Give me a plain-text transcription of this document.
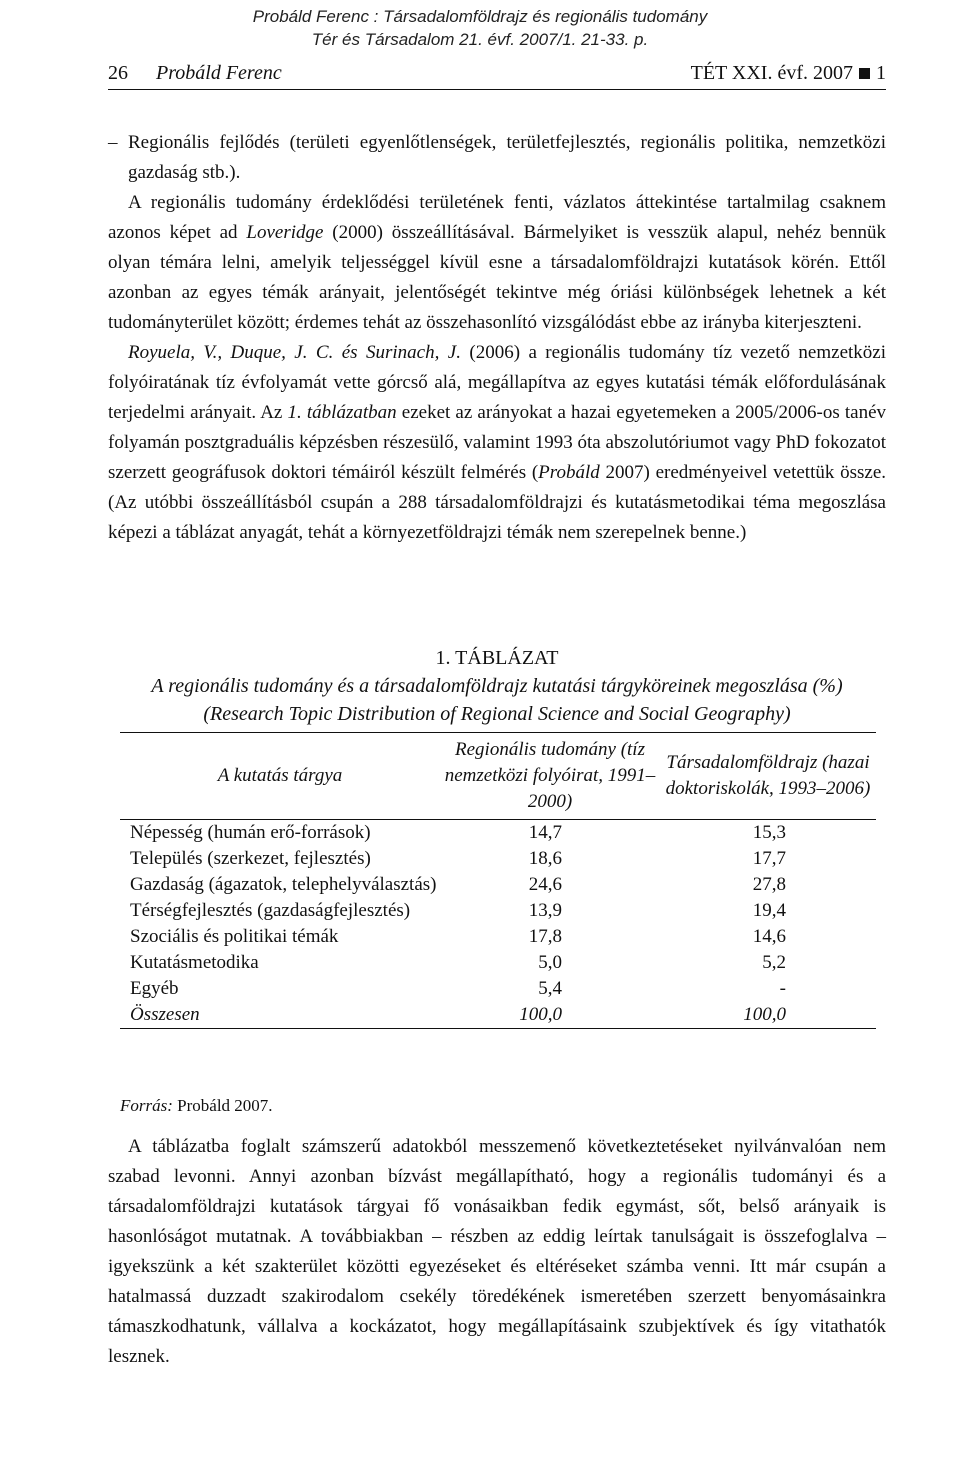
Probáld Ferenc : Társadalomföldrajz és regionális tudomány
Tér és Társadalom 21. évf. 2007/1. 21-33. p.
26 Probáld Ferenc	TÉT XXI. évf. 2007 1
– Regionális fejlődés (területi egyenlőtlenségek, területfejlesztés, regionális politika, nemzetközi gazdaság stb.).

A regionális tudomány érdeklődési területének fenti, vázlatos áttekintése tartalmilag csaknem azonos képet ad Loveridge (2000) összeállításával. Bármelyiket is vesszük alapul, nehéz bennük olyan témára lelni, amelyik teljességgel kívül esne a társadalomföldrajzi kutatások körén. Ettől azonban az egyes témák arányait, jelentőségét tekintve még óriási különbségek lehetnek a két tudományterület között; érdemes tehát az összehasonlító vizsgálódást ebbe az irányba kiterjeszteni.

Royuela, V., Duque, J. C. és Surinach, J. (2006) a regionális tudomány tíz vezető nemzetközi folyóiratának tíz évfolyamát vette górcső alá, megállapítva az egyes kutatási témák előfordulásának terjedelmi arányait. Az 1. táblázatban ezeket az arányokat a hazai egyetemeken a 2005/2006-os tanév folyamán posztgraduális képzésben részesülő, valamint 1993 óta abszolutóriumot vagy PhD fokozatot szerzett geográfusok doktori témáiról készült felmérés (Probáld 2007) eredményeivel vetettük össze. (Az utóbbi összeállításból csupán a 288 társadalomföldrajzi és kutatásmetodikai téma megoszlása képezi a táblázat anyagát, tehát a környezetföldrajzi témák nem szerepelnek benne.)

1. TÁBLÁZAT
A regionális tudomány és a társadalomföldrajz kutatási tárgyköreinek megoszlása (%)
(Research Topic Distribution of Regional Science and Social Geography)
A kutatás tárgya	Regionális tudomány (tíz nemzetközi folyóirat, 1991–2000)	Társadalomföldrajz (hazai doktoriskolák, 1993–2006)
Népesség (humán erő-források)	14,7	15,3
Település (szerkezet, fejlesztés)	18,6	17,7
Gazdaság (ágazatok, telephelyválasztás)	24,6	27,8
Térségfejlesztés (gazdaságfejlesztés)	13,9	19,4
Szociális és politikai témák	17,8	14,6
Kutatásmetodika	5,0	5,2
Egyéb	5,4	-
Összesen	100,0	100,0
Forrás: Probáld 2007.

A táblázatba foglalt számszerű adatokból messzemenő következtetéseket nyilvánvalóan nem szabad levonni. Annyi azonban bízvást megállapítható, hogy a regionális tudományi és a társadalomföldrajzi kutatások tárgyai fő vonásaikban fedik egymást, sőt, belső arányaik is hasonlóságot mutatnak. A továbbiakban – részben az eddig leírtak tanulságait is összefoglalva – igyekszünk a két szakterület közötti egyezéseket és eltéréseket számba venni. Itt már csupán a hatalmassá duzzadt szakirodalom csekély töredékének ismeretében szerzett benyomásainkra támaszkodhatunk, vállalva a kockázatot, hogy megállapításaink szubjektívek és így vitathatók lesznek.
